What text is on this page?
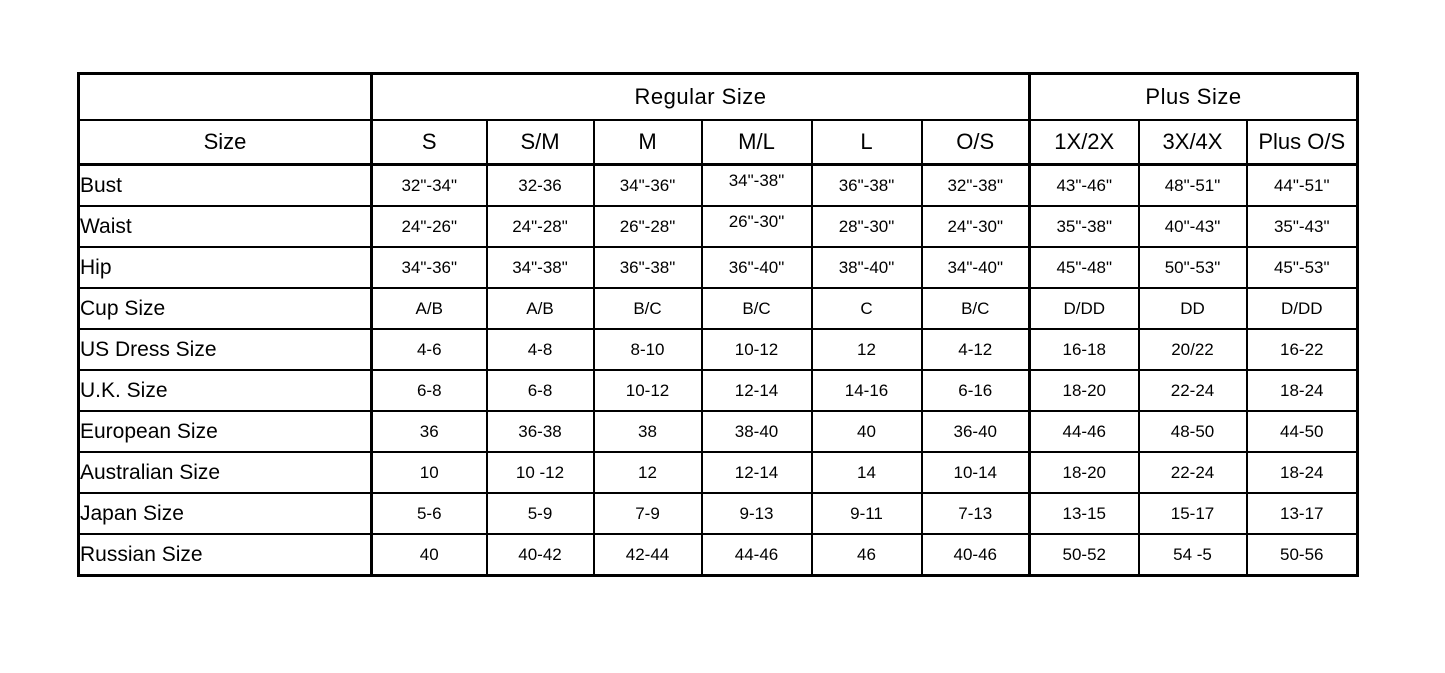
	Regular Size						Plus Size		
Size	S	S/M	M	M/L	L	O/S	1X/2X	3X/4X	Plus O/S
Bust	32"-34"	32-36	34"-36"	34"-38"	36"-38"	32"-38"	43"-46"	48"-51"	44"-51"
Waist	24"-26"	24"-28"	26"-28"	26"-30"	28"-30"	24"-30"	35"-38"	40"-43"	35"-43"
Hip	34"-36"	34"-38"	36"-38"	36"-40"	38"-40"	34"-40"	45"-48"	50"-53"	45"-53"
Cup Size	A/B	A/B	B/C	B/C	C	B/C	D/DD	DD	D/DD
US Dress Size	4-6	4-8	8-10	10-12	12	4-12	16-18	20/22	16-22
U.K. Size	6-8	6-8	10-12	12-14	14-16	6-16	18-20	22-24	18-24
European Size	36	36-38	38	38-40	40	36-40	44-46	48-50	44-50
Australian Size	10	10 -12	12	12-14	14	10-14	18-20	22-24	18-24
Japan Size	5-6	5-9	7-9	9-13	9-11	7-13	13-15	15-17	13-17
Russian Size	40	40-42	42-44	44-46	46	40-46	50-52	54 -5	50-56
